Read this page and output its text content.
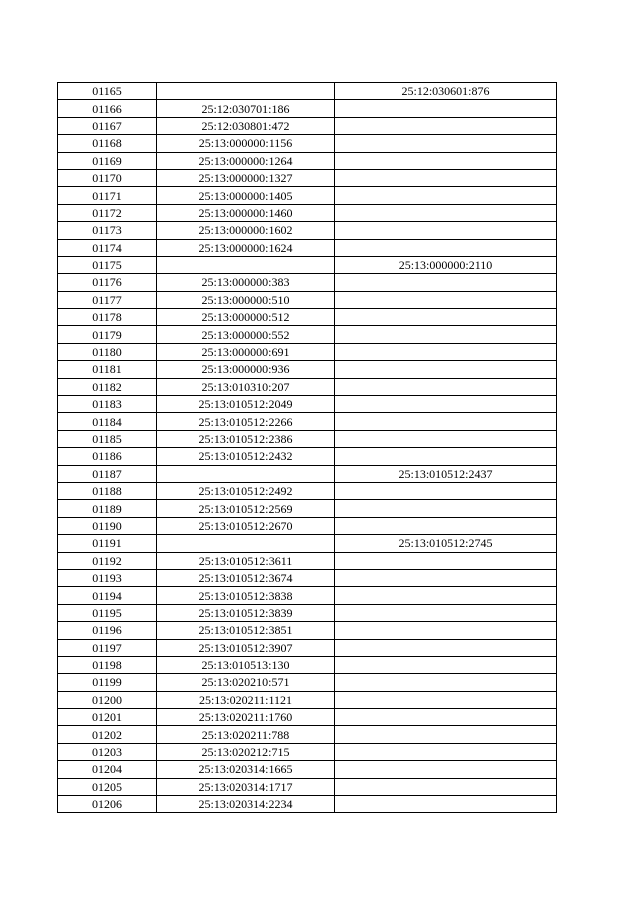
01165		25:12:030601:876
01166	25:12:030701:186	
01167	25:12:030801:472	
01168	25:13:000000:1156	
01169	25:13:000000:1264	
01170	25:13:000000:1327	
01171	25:13:000000:1405	
01172	25:13:000000:1460	
01173	25:13:000000:1602	
01174	25:13:000000:1624	
01175		25:13:000000:2110
01176	25:13:000000:383	
01177	25:13:000000:510	
01178	25:13:000000:512	
01179	25:13:000000:552	
01180	25:13:000000:691	
01181	25:13:000000:936	
01182	25:13:010310:207	
01183	25:13:010512:2049	
01184	25:13:010512:2266	
01185	25:13:010512:2386	
01186	25:13:010512:2432	
01187		25:13:010512:2437
01188	25:13:010512:2492	
01189	25:13:010512:2569	
01190	25:13:010512:2670	
01191		25:13:010512:2745
01192	25:13:010512:3611	
01193	25:13:010512:3674	
01194	25:13:010512:3838	
01195	25:13:010512:3839	
01196	25:13:010512:3851	
01197	25:13:010512:3907	
01198	25:13:010513:130	
01199	25:13:020210:571	
01200	25:13:020211:1121	
01201	25:13:020211:1760	
01202	25:13:020211:788	
01203	25:13:020212:715	
01204	25:13:020314:1665	
01205	25:13:020314:1717	
01206	25:13:020314:2234	
